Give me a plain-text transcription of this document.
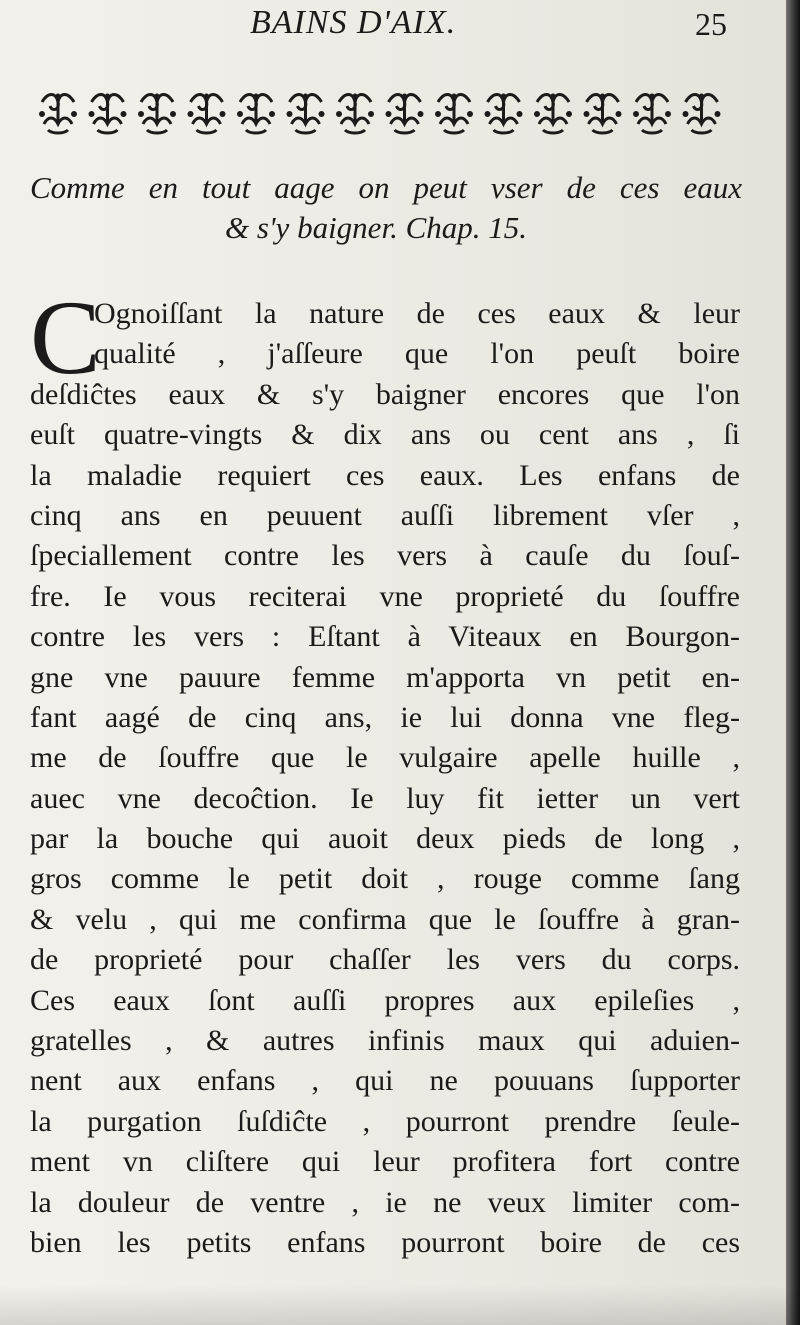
BAINS D'AIX.	25
Comme en tout aage on peut vser de ces eaux
& s'y baigner. Chap. 15.
C
Ognoiſſant la nature de ces eaux & leur
qualité , j'aſſeure que l'on peuſt boire
deſdiĉtes eaux & s'y baigner encores que l'on
euſt quatre-vingts & dix ans ou cent ans , ſi
la maladie requiert ces eaux. Les enfans de
cinq ans en peuuent auſſi librement vſer ,
ſpeciallement contre les vers à cauſe du ſouſ-
fre. Ie vous reciterai vne proprieté du ſouffre
contre les vers : Eſtant à Viteaux en Bourgon-
gne vne pauure femme m'apporta vn petit en-
fant aagé de cinq ans, ie lui donna vne fleg-
me de ſouffre que le vulgaire apelle huille ,
auec vne decoĉtion. Ie luy fit ietter un vert
par la bouche qui auoit deux pieds de long ,
gros comme le petit doit , rouge comme ſang
& velu , qui me confirma que le ſouffre à gran-
de proprieté pour chaſſer les vers du corps.
Ces eaux ſont auſſi propres aux epileſies ,
gratelles , & autres infinis maux qui aduien-
nent aux enfans , qui ne pouuans ſupporter
la purgation ſuſdiĉte , pourront prendre ſeule-
ment vn cliſtere qui leur profitera fort contre
la douleur de ventre , ie ne veux limiter com-
bien les petits enfans pourront boire de ces
